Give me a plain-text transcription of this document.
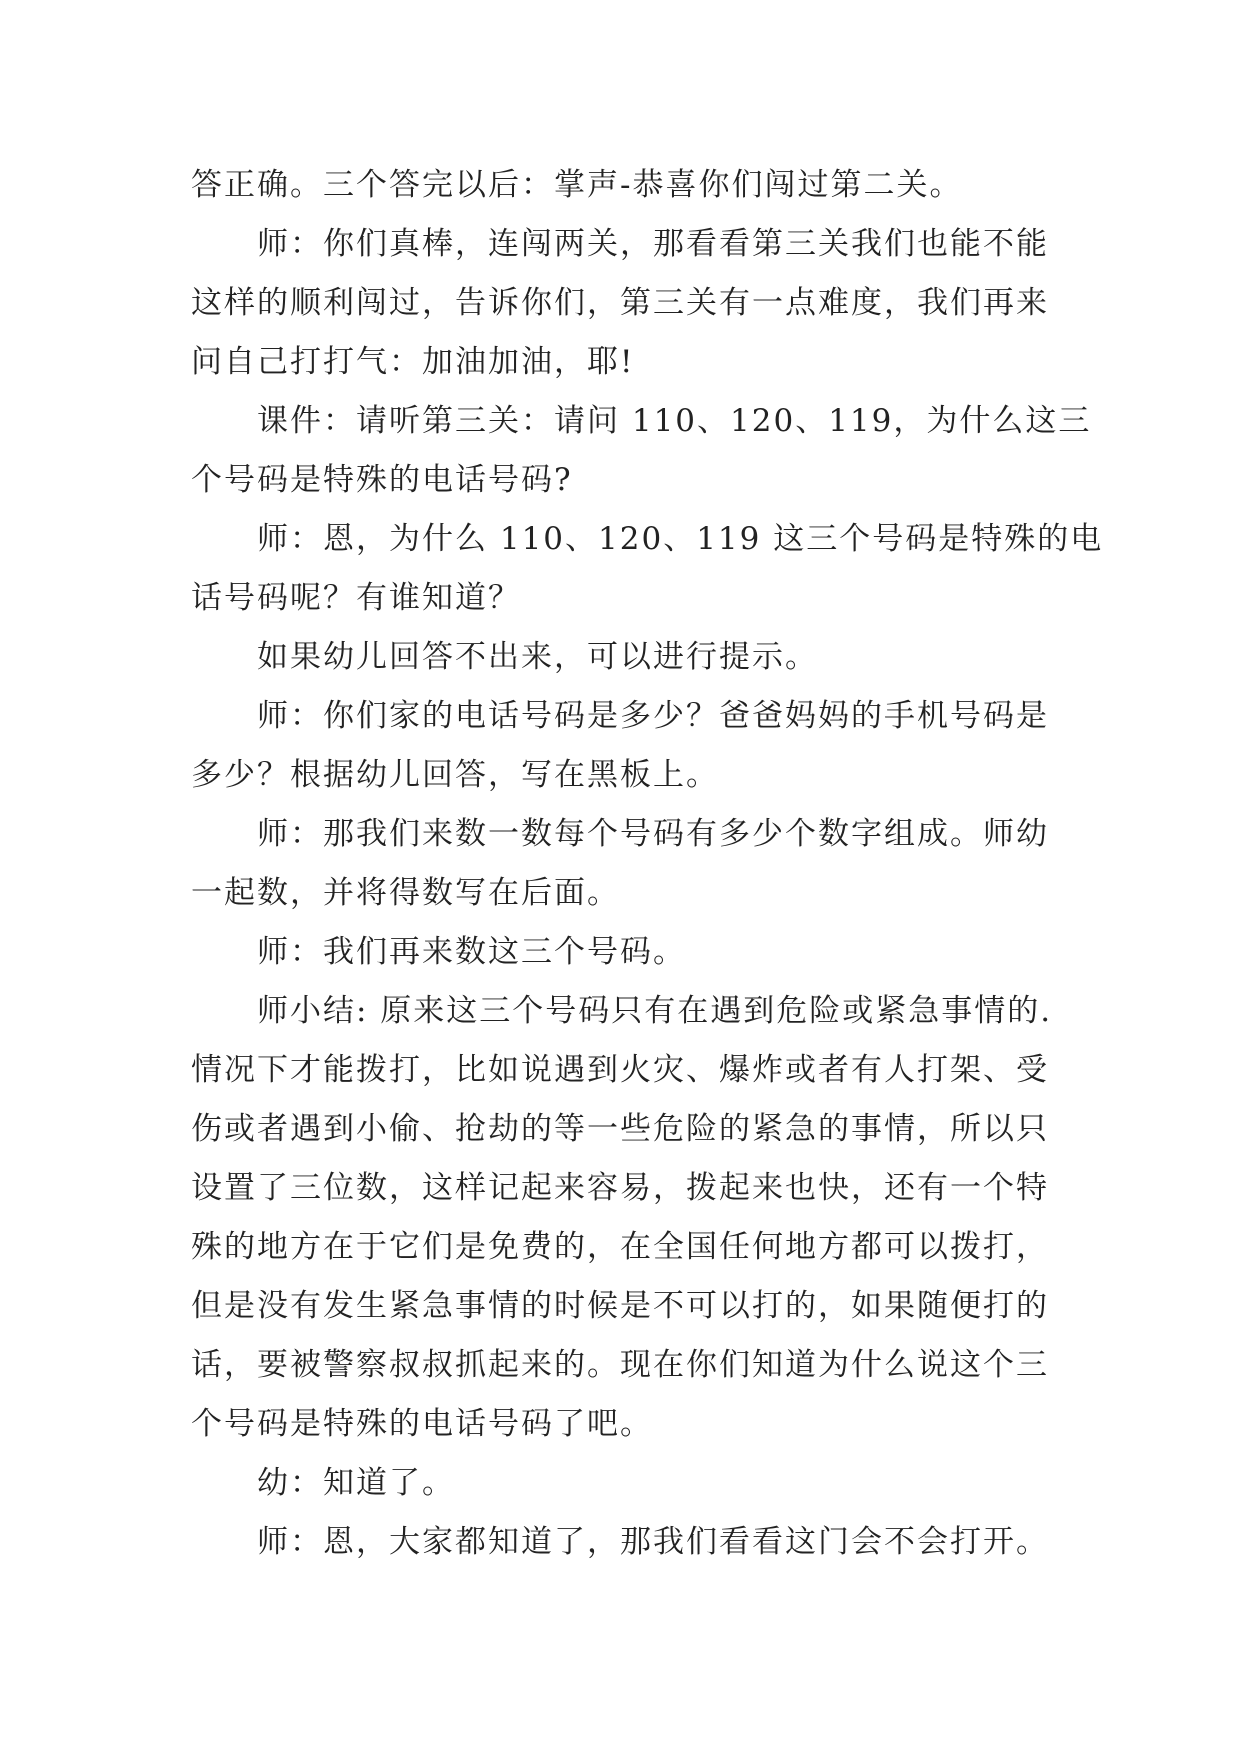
答正确。三个答完以后：掌声-恭喜你们闯过第二关。
师：你们真棒，连闯两关，那看看第三关我们也能不能
这样的顺利闯过，告诉你们，第三关有一点难度，我们再来
问自己打打气：加油加油，耶!
课件：请听第三关：请问 110、120、119，为什么这三
个号码是特殊的电话号码?
师：恩，为什么 110、120、119 这三个号码是特殊的电
话号码呢？有谁知道？
如果幼儿回答不出来，可以进行提示。
师：你们家的电话号码是多少？爸爸妈妈的手机号码是
多少？根据幼儿回答，写在黑板上。
师：那我们来数一数每个号码有多少个数字组成。师幼
一起数，并将得数写在后面。
师：我们再来数这三个号码。
师小结: 原来这三个号码只有在遇到危险或紧急事情的.
情况下才能拨打，比如说遇到火灾、爆炸或者有人打架、受
伤或者遇到小偷、抢劫的等一些危险的紧急的事情，所以只
设置了三位数，这样记起来容易，拨起来也快，还有一个特
殊的地方在于它们是免费的，在全国任何地方都可以拨打，
但是没有发生紧急事情的时候是不可以打的，如果随便打的
话，要被警察叔叔抓起来的。现在你们知道为什么说这个三
个号码是特殊的电话号码了吧。
幼：知道了。
师：恩，大家都知道了，那我们看看这门会不会打开。
